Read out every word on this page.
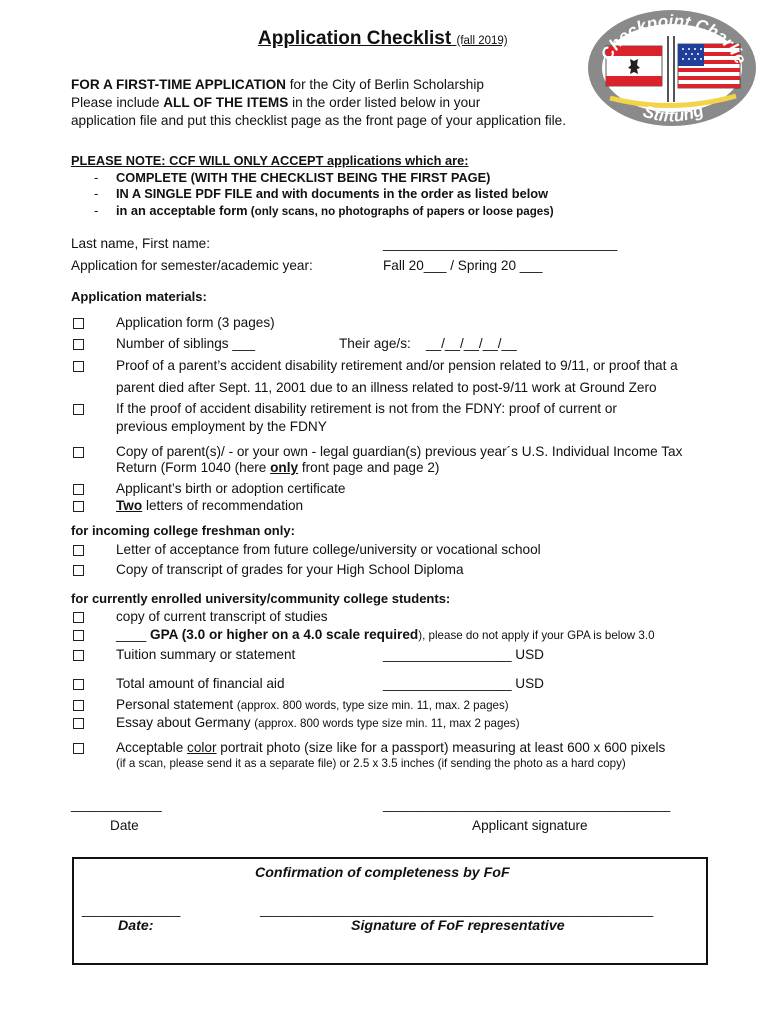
Application Checklist (fall 2019)
Checkpoint Charlie
Stiftung
FOR A FIRST-TIME APPLICATION for the City of Berlin Scholarship
Please include ALL OF THE ITEMS in the order listed below in your
application file and put this checklist page as the front page of your application file.
PLEASE NOTE: CCF WILL ONLY ACCEPT applications which are:
- COMPLETE (WITH THE CHECKLIST BEING THE FIRST PAGE)
- IN A SINGLE PDF FILE and with documents in the order as listed below
- in an acceptable form (only scans, no photographs of papers or loose pages)
Last name, First name:	_______________________________
Application for semester/academic year:	Fall 20___ / Spring 20 ___
Application materials:
Application form (3 pages)
Number of siblings ___	Their age/s: __/__/__/__/__
Proof of a parent’s accident disability retirement and/or pension related to 9/11, or proof that a
parent died after Sept. 11, 2001 due to an illness related to post-9/11 work at Ground Zero
If the proof of accident disability retirement is not from the FDNY: proof of current or
previous employment by the FDNY
Copy of parent(s)/ - or your own - legal guardian(s) previous year´s U.S. Individual Income Tax
Return (Form 1040 (here only front page and page 2)
Applicant’s birth or adoption certificate
Two letters of recommendation
for incoming college freshman only:
Letter of acceptance from future college/university or vocational school
Copy of transcript of grades for your High School Diploma
for currently enrolled university/community college students:
copy of current transcript of studies
____ GPA (3.0 or higher on a 4.0 scale required), please do not apply if your GPA is below 3.0
Tuition summary or statement	_________________ USD
Total amount of financial aid	_________________ USD
Personal statement (approx. 800 words, type size min. 11, max. 2 pages)
Essay about Germany (approx. 800 words type size min. 11, max 2 pages)
Acceptable color portrait photo (size like for a passport) measuring at least 600 x 600 pixels
(if a scan, please send it as a separate file) or 2.5 x 3.5 inches (if sending the photo as a hard copy)
____________
Date
______________________________________
Applicant signature
Confirmation of completeness by FoF
_____________
Date:
____________________________________________________
Signature of FoF representative
